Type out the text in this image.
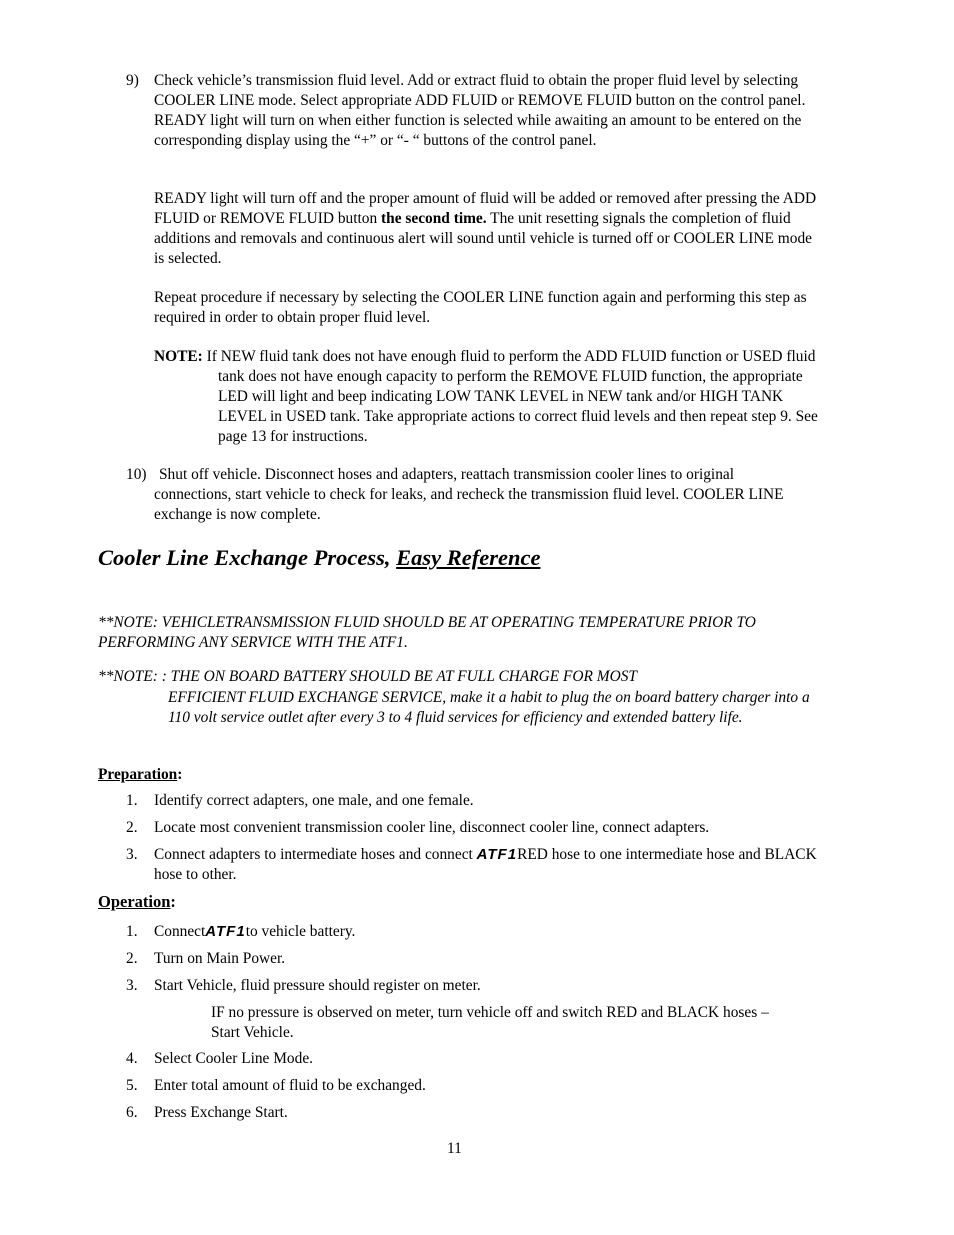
9) Check vehicle’s transmission fluid level. Add or extract fluid to obtain the proper fluid level by selecting COOLER LINE mode. Select appropriate ADD FLUID or REMOVE FLUID button on the control panel. READY light will turn on when either function is selected while awaiting an amount to be entered on the corresponding display using the “+” or “- “ buttons of the control panel.

READY light will turn off and the proper amount of fluid will be added or removed after pressing the ADD FLUID or REMOVE FLUID button the second time. The unit resetting signals the completion of fluid additions and removals and continuous alert will sound until vehicle is turned off or COOLER LINE mode is selected.

Repeat procedure if necessary by selecting the COOLER LINE function again and performing this step as required in order to obtain proper fluid level.

NOTE: If NEW fluid tank does not have enough fluid to perform the ADD FLUID function or USED fluid tank does not have enough capacity to perform the REMOVE FLUID function, the appropriate LED will light and beep indicating LOW TANK LEVEL in NEW tank and/or HIGH TANK LEVEL in USED tank. Take appropriate actions to correct fluid levels and then repeat step 9. See page 13 for instructions.

10) Shut off vehicle. Disconnect hoses and adapters, reattach transmission cooler lines to original connections, start vehicle to check for leaks, and recheck the transmission fluid level. COOLER LINE exchange is now complete.

Cooler Line Exchange Process, Easy Reference

**NOTE: VEHICLETRANSMISSION FLUID SHOULD BE AT OPERATING TEMPERATURE PRIOR TO PERFORMING ANY SERVICE WITH THE ATF1.

**NOTE: : THE ON BOARD BATTERY SHOULD BE AT FULL CHARGE FOR MOST

EFFICIENT FLUID EXCHANGE SERVICE, make it a habit to plug the on board battery charger into a 110 volt service outlet after every 3 to 4 fluid services for efficiency and extended battery life.

Preparation:

1. Identify correct adapters, one male, and one female.

2. Locate most convenient transmission cooler line, disconnect cooler line, connect adapters.

3. Connect adapters to intermediate hoses and connect ATF1RED hose to one intermediate hose and BLACK hose to other.

Operation:

1. ConnectATF1to vehicle battery.

2. Turn on Main Power.

3. Start Vehicle, fluid pressure should register on meter.

IF no pressure is observed on meter, turn vehicle off and switch RED and BLACK hoses – Start Vehicle.

4. Select Cooler Line Mode.

5. Enter total amount of fluid to be exchanged.

6. Press Exchange Start.

11
